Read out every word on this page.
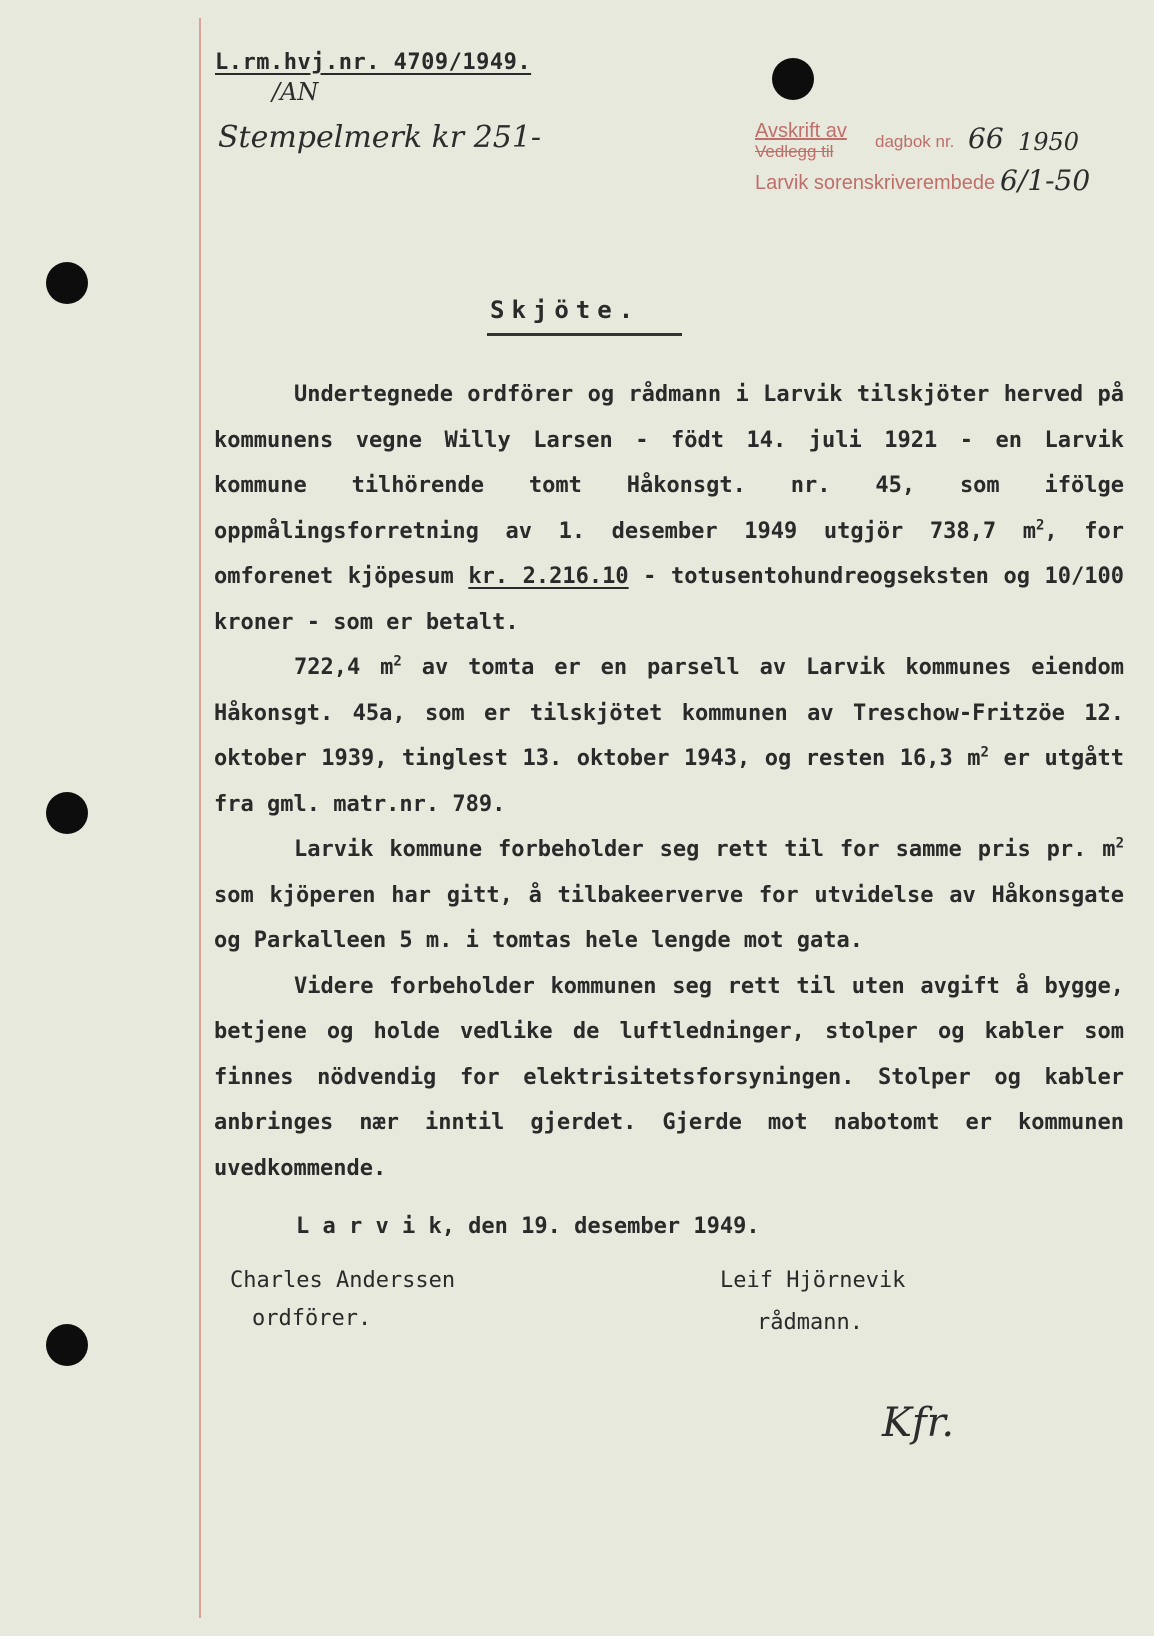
L.rm.hvj.nr. 4709/1949.
/AN
Stempelmerk kr 251-	Avskrift av
Vedlegg til
dagbok nr. 66 1950
Larvik sorenskriverembede 6/1-50
Skjöte.

Undertegnede ordförer og rådmann i Larvik tilskjöter herved på kommunens vegne Willy Larsen - födt 14. juli 1921 - en Larvik kommune tilhörende tomt Håkonsgt. nr. 45, som ifölge oppmålingsforretning av 1. desember 1949 utgjör 738,7 $m^2$, for omforenet kjöpesum kr. 2.216.10 - totusentohundreogseksten og 10/100 kroner - som er betalt.

722,4 $m^2$ av tomta er en parsell av Larvik kommunes eiendom Håkonsgt. 45a, som er tilskjötet kommunen av Treschow-Fritzöe 12. oktober 1939, tinglest 13. oktober 1943, og resten 16,3 $m^2$ er utgått fra gml. matr.nr. 789.

Larvik kommune forbeholder seg rett til for samme pris pr. $m^2$ som kjöperen har gitt, å tilbakeerverve for utvidelse av Håkonsgate og Parkalleen 5 m. i tomtas hele lengde mot gata.

Videre forbeholder kommunen seg rett til uten avgift å bygge, betjene og holde vedlike de luftledninger, stolper og kabler som finnes nödvendig for elektrisitetsforsyningen. Stolper og kabler anbringes nær inntil gjerdet. Gjerde mot nabotomt er kommunen uvedkommende.

L a r v i k, den 19. desember 1949.
Charles Anderssen
ordförer.
Leif Hjörnevik
rådmann.
Kfr.
